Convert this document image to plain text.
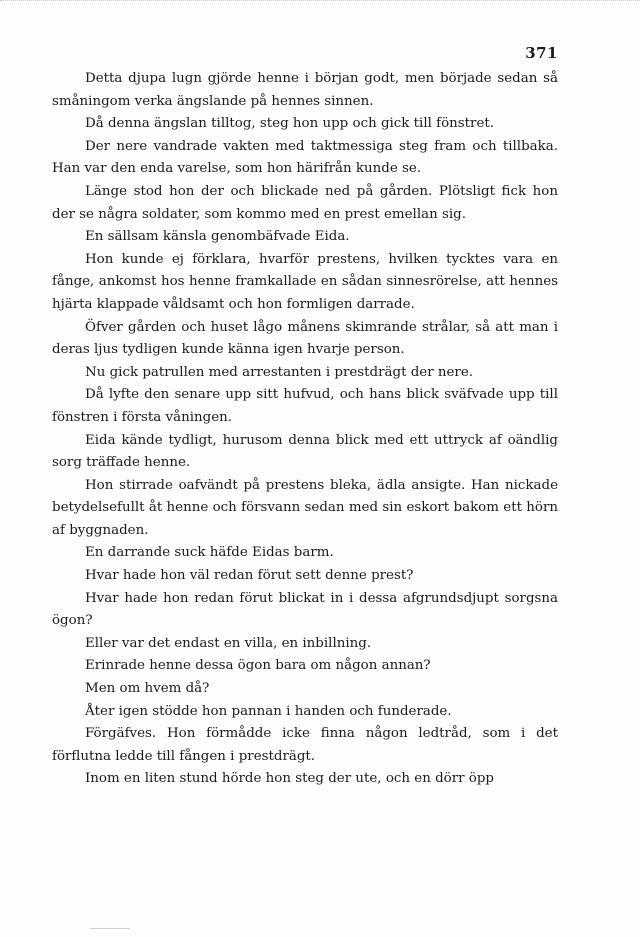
371

Detta djupa lugn gjörde henne i början godt, men började sedan så småningom verka ängslande på hennes sinnen.

Då denna ängslan tilltog, steg hon upp och gick till fönstret.

Der nere vandrade vakten med taktmessiga steg fram och tillbaka. Han var den enda varelse, som hon härifrån kunde se.

Länge stod hon der och blickade ned på gården. Plötsligt fick hon der se några soldater, som kommo med en prest emellan sig.

En sällsam känsla genombäfvade Eida.

Hon kunde ej förklara, hvarför prestens, hvilken tycktes vara en fånge, ankomst hos henne framkallade en sådan sinnesrörelse, att hennes hjärta klappade våldsamt och hon formligen darrade.

Öfver gården och huset lågo månens skimrande strålar, så att man i deras ljus tydligen kunde känna igen hvarje person.

Nu gick patrullen med arrestanten i prestdrägt der nere.

Då lyfte den senare upp sitt hufvud, och hans blick sväfvade upp till fönstren i första våningen.

Eida kände tydligt, hurusom denna blick med ett uttryck af oändlig sorg träffade henne.

Hon stirrade oafvändt på prestens bleka, ädla ansigte. Han nickade betydelsefullt åt henne och försvann sedan med sin eskort bakom ett hörn af byggnaden.

En darrande suck häfde Eidas barm.

Hvar hade hon väl redan förut sett denne prest?

Hvar hade hon redan förut blickat in i dessa afgrundsdjupt sorgsna ögon?

Eller var det endast en villa, en inbillning.

Erinrade henne dessa ögon bara om någon annan?

Men om hvem då?

Åter igen stödde hon pannan i handen och funderade.

Förgäfves. Hon förmådde icke finna någon ledtråd, som i det förflutna ledde till fången i prestdrägt.

Inom en liten stund hörde hon steg der ute, och en dörr öpp
